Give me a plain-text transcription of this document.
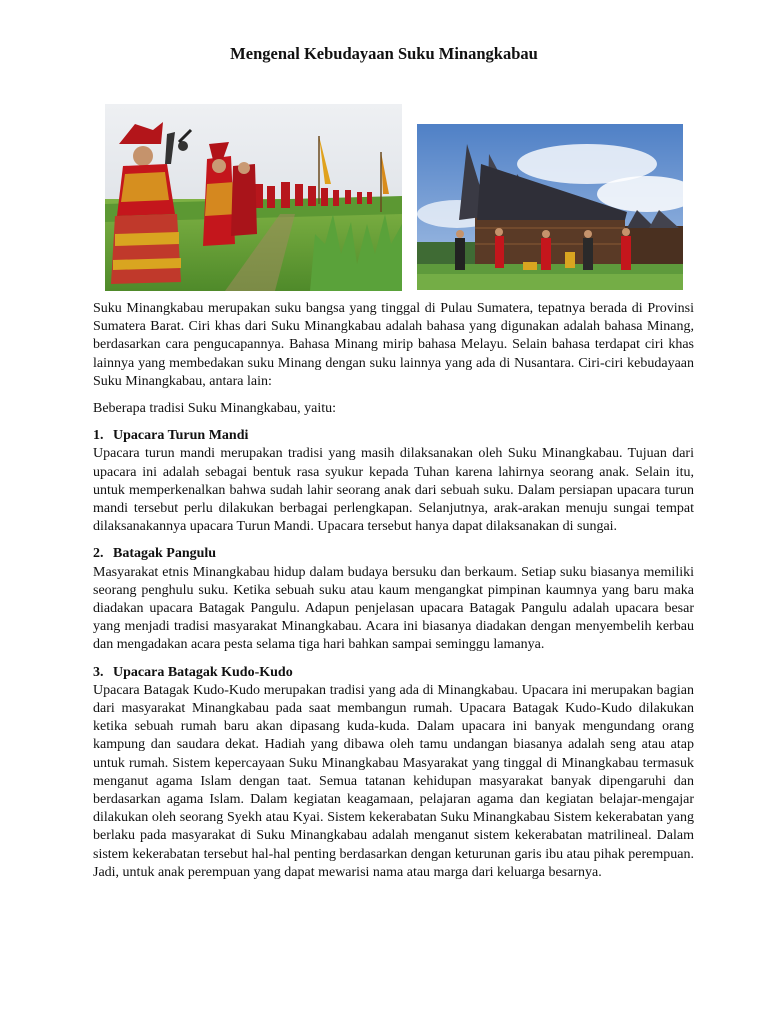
Mengenal Kebudayaan Suku Minangkabau

Suku Minangkabau merupakan suku bangsa yang tinggal di Pulau Sumatera, tepatnya berada di Provinsi Sumatera Barat. Ciri khas dari Suku Minangkabau adalah bahasa yang digunakan adalah bahasa Minang, berdasarkan cara pengucapannya. Bahasa Minang mirip bahasa Melayu. Selain bahasa terdapat ciri khas lainnya yang membedakan suku Minang dengan suku lainnya yang ada di Nusantara. Ciri-ciri kebudayaan Suku Minangkabau, antara lain:

Beberapa tradisi Suku Minangkabau, yaitu:

1. Upacara Turun Mandi

Upacara turun mandi merupakan tradisi yang masih dilaksanakan oleh Suku Minangkabau. Tujuan dari upacara ini adalah sebagai bentuk rasa syukur kepada Tuhan karena lahirnya seorang anak. Selain itu, untuk memperkenalkan bahwa sudah lahir seorang anak dari sebuah suku. Dalam persiapan upacara turun mandi tersebut perlu dilakukan berbagai perlengkapan. Selanjutnya, arak-arakan menuju sungai tempat dilaksanakannya upacara Turun Mandi. Upacara tersebut hanya dapat dilaksanakan di sungai.

2. Batagak Pangulu

Masyarakat etnis Minangkabau hidup dalam budaya bersuku dan berkaum. Setiap suku biasanya memiliki seorang penghulu suku. Ketika sebuah suku atau kaum mengangkat pimpinan kaumnya yang baru maka diadakan upacara Batagak Pangulu. Adapun penjelasan upacara Batagak Pangulu adalah upacara besar yang menjadi tradisi masyarakat Minangkabau. Acara ini biasanya diadakan dengan menyembelih kerbau dan mengadakan acara pesta selama tiga hari bahkan sampai seminggu lamanya.

3. Upacara Batagak Kudo-Kudo

Upacara Batagak Kudo-Kudo merupakan tradisi yang ada di Minangkabau. Upacara ini merupakan bagian dari masyarakat Minangkabau pada saat membangun rumah. Upacara Batagak Kudo-Kudo dilakukan ketika sebuah rumah baru akan dipasang kuda-kuda. Dalam upacara ini banyak mengundang orang kampung dan saudara dekat. Hadiah yang dibawa oleh tamu undangan biasanya adalah seng atau atap untuk rumah. Sistem kepercayaan Suku Minangkabau Masyarakat yang tinggal di Minangkabau termasuk menganut agama Islam dengan taat. Semua tatanan kehidupan masyarakat banyak dipengaruhi dan berdasarkan agama Islam. Dalam kegiatan keagamaan, pelajaran agama dan kegiatan belajar-mengajar dilakukan oleh seorang Syekh atau Kyai. Sistem kekerabatan Suku Minangkabau Sistem kekerabatan yang berlaku pada masyarakat di Suku Minangkabau adalah menganut sistem kekerabatan matrilineal. Dalam sistem kekerabatan tersebut hal-hal penting berdasarkan dengan keturunan garis ibu atau pihak perempuan. Jadi, untuk anak perempuan yang dapat mewarisi nama atau marga dari keluarga besarnya.
